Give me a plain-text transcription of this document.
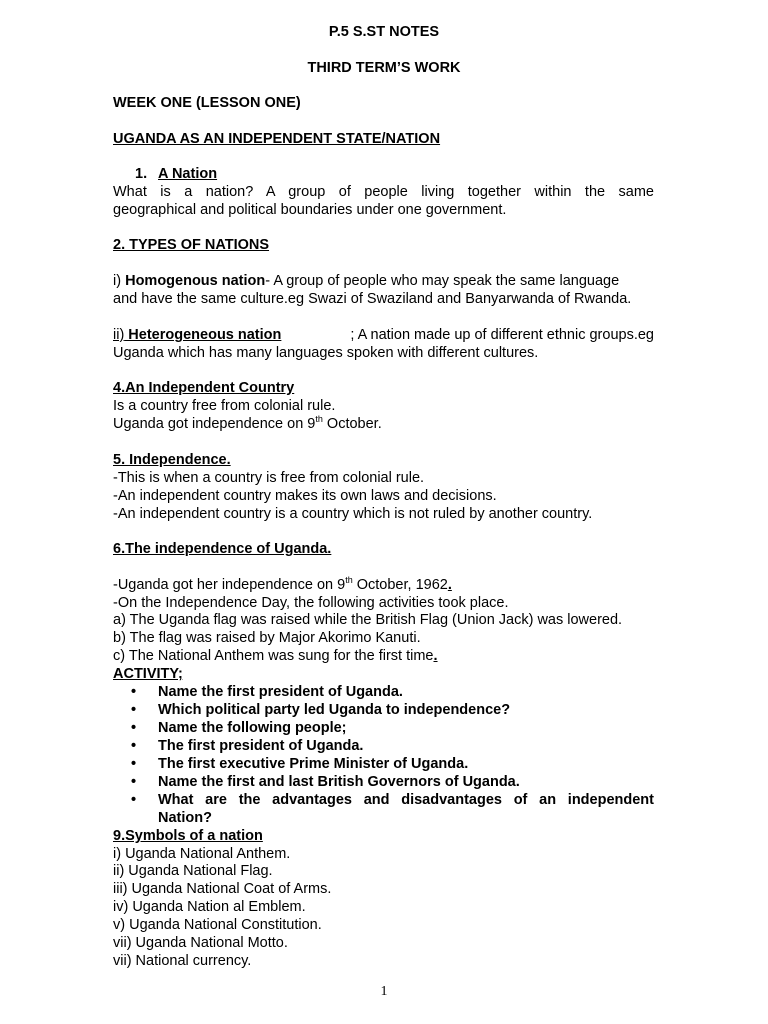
P.5 S.ST NOTES
THIRD TERM’S WORK
WEEK ONE (LESSON ONE)
UGANDA AS AN INDEPENDENT STATE/NATION
1. A Nation
What is a nation? A group of people living together within the same
geographical and political boundaries under one government.
2. TYPES OF NATIONS
i) Homogenous nation- A group of people who may speak the same language
and have the same culture.eg Swazi of Swaziland and Banyarwanda of Rwanda.
ii) Heterogeneous nation	; A nation made up of different ethnic groups.eg
Uganda which has many languages spoken with different cultures.
4.An Independent Country
Is a country free from colonial rule.
Uganda got independence on 9th October.
5. Independence.
-This is when a country is free from colonial rule.
-An independent country makes its own laws and decisions.
-An independent country is a country which is not ruled by another country.
6.The independence of Uganda.
-Uganda got her independence on 9th October, 1962.
-On the Independence Day, the following activities took place.
a) The Uganda flag was raised while the British Flag (Union Jack) was lowered.
b) The flag was raised by Major Akorimo Kanuti.
c) The National Anthem was sung for the first time.
ACTIVITY;
•	Name the first president of Uganda.
•	Which political party led Uganda to independence?
•	Name the following people;
•	The first president of Uganda.
•	The first executive Prime Minister of Uganda.
•	Name the first and last British Governors of Uganda.
•	What are the advantages and disadvantages of an independent
Nation?
9.Symbols of a nation
i) Uganda National Anthem.
ii) Uganda National Flag.
iii) Uganda National Coat of Arms.
iv) Uganda Nation al Emblem.
v) Uganda National Constitution.
vii) Uganda National Motto.
vii) National currency.
1
